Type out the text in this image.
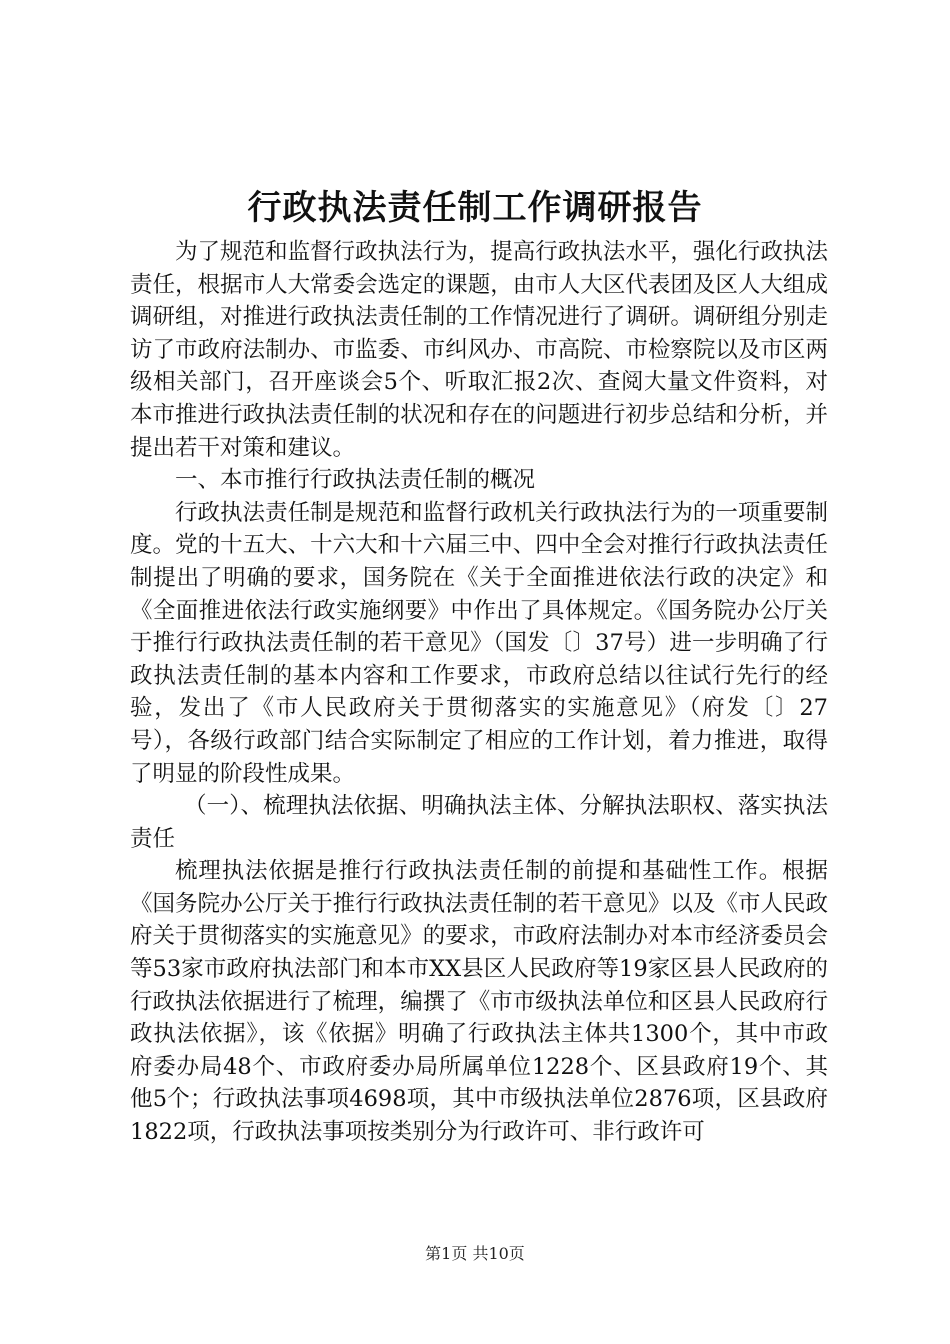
行政执法责任制工作调研报告

为了规范和监督行政执法行为，提高行政执法水平，强化行政执法责任，根据市人大常委会选定的课题，由市人大区代表团及区人大组成调研组，对推进行政执法责任制的工作情况进行了调研。调研组分别走访了市政府法制办、市监委、市纠风办、市高院、市检察院以及市区两级相关部门，召开座谈会5个、听取汇报2次、查阅大量文件资料，对本市推进行政执法责任制的状况和存在的问题进行初步总结和分析，并提出若干对策和建议。

一、本市推行行政执法责任制的概况

行政执法责任制是规范和监督行政机关行政执法行为的一项重要制度。党的十五大、十六大和十六届三中、四中全会对推行行政执法责任制提出了明确的要求，国务院在《关于全面推进依法行政的决定》和《全面推进依法行政实施纲要》中作出了具体规定。《国务院办公厅关于推行行政执法责任制的若干意见》（国发〔〕37号）进一步明确了行政执法责任制的基本内容和工作要求，市政府总结以往试行先行的经验，发出了《市人民政府关于贯彻落实的实施意见》（府发〔〕27号），各级行政部门结合实际制定了相应的工作计划，着力推进，取得了明显的阶段性成果。

（一）、梳理执法依据、明确执法主体、分解执法职权、落实执法责任

梳理执法依据是推行行政执法责任制的前提和基础性工作。根据《国务院办公厅关于推行行政执法责任制的若干意见》以及《市人民政府关于贯彻落实的实施意见》的要求，市政府法制办对本市经济委员会等53家市政府执法部门和本市XX县区人民政府等19家区县人民政府的行政执法依据进行了梳理，编撰了《市市级执法单位和区县人民政府行政执法依据》，该《依据》明确了行政执法主体共1300个，其中市政府委办局48个、市政府委办局所属单位1228个、区县政府19个、其他5个；行政执法事项4698项，其中市级执法单位2876项，区县政府1822项，行政执法事项按类别分为行政许可、非行政许可

第1页 共10页
